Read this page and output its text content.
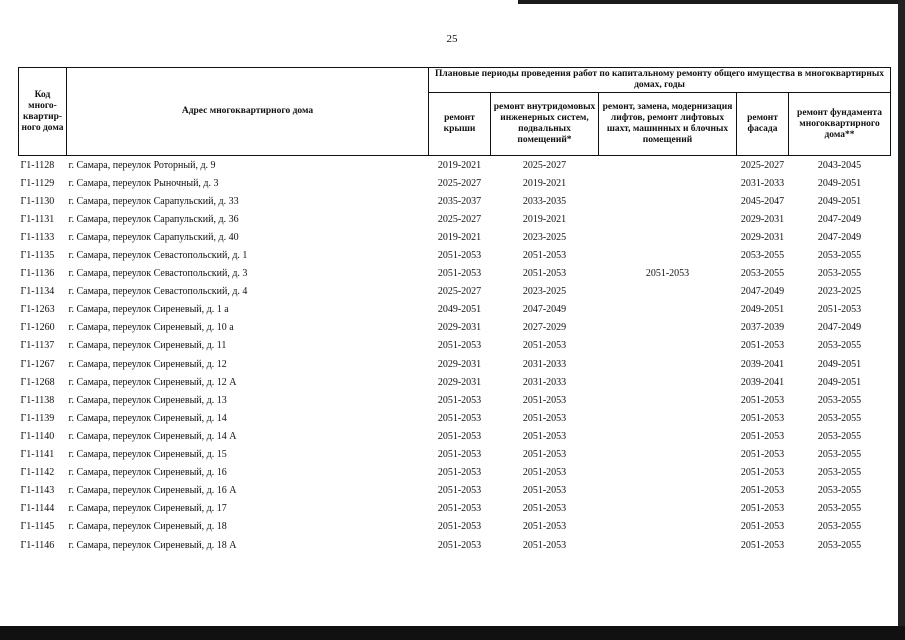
25
Код много-квартир-ного дома	Адрес многоквартирного дома	Плановые периоды проведения работ по капитальному ремонту общего имущества в многоквартирных домах, годы				
		ремонт крыши	ремонт внутридомовых инженерных систем, подвальных помещений*	ремонт, замена, модернизация лифтов, ремонт лифтовых шахт, машинных и блочных помещений	ремонт фасада	ремонт фундамента многоквартирного дома**
Г1-1128	г. Самара, переулок Роторный, д. 9	2019-2021	2025-2027		2025-2027	2043-2045
Г1-1129	г. Самара, переулок Рыночный, д. 3	2025-2027	2019-2021		2031-2033	2049-2051
Г1-1130	г. Самара, переулок Сарапульский, д. 33	2035-2037	2033-2035		2045-2047	2049-2051
Г1-1131	г. Самара, переулок Сарапульский, д. 36	2025-2027	2019-2021		2029-2031	2047-2049
Г1-1133	г. Самара, переулок Сарапульский, д. 40	2019-2021	2023-2025		2029-2031	2047-2049
Г1-1135	г. Самара, переулок Севастопольский, д. 1	2051-2053	2051-2053		2053-2055	2053-2055
Г1-1136	г. Самара, переулок Севастопольский, д. 3	2051-2053	2051-2053	2051-2053	2053-2055	2053-2055
Г1-1134	г. Самара, переулок Севастопольский, д. 4	2025-2027	2023-2025		2047-2049	2023-2025
Г1-1263	г. Самара, переулок Сиреневый, д. 1 а	2049-2051	2047-2049		2049-2051	2051-2053
Г1-1260	г. Самара, переулок Сиреневый, д. 10 а	2029-2031	2027-2029		2037-2039	2047-2049
Г1-1137	г. Самара, переулок Сиреневый, д. 11	2051-2053	2051-2053		2051-2053	2053-2055
Г1-1267	г. Самара, переулок Сиреневый, д. 12	2029-2031	2031-2033		2039-2041	2049-2051
Г1-1268	г. Самара, переулок Сиреневый, д. 12 А	2029-2031	2031-2033		2039-2041	2049-2051
Г1-1138	г. Самара, переулок Сиреневый, д. 13	2051-2053	2051-2053		2051-2053	2053-2055
Г1-1139	г. Самара, переулок Сиреневый, д. 14	2051-2053	2051-2053		2051-2053	2053-2055
Г1-1140	г. Самара, переулок Сиреневый, д. 14 А	2051-2053	2051-2053		2051-2053	2053-2055
Г1-1141	г. Самара, переулок Сиреневый, д. 15	2051-2053	2051-2053		2051-2053	2053-2055
Г1-1142	г. Самара, переулок Сиреневый, д. 16	2051-2053	2051-2053		2051-2053	2053-2055
Г1-1143	г. Самара, переулок Сиреневый, д. 16 А	2051-2053	2051-2053		2051-2053	2053-2055
Г1-1144	г. Самара, переулок Сиреневый, д. 17	2051-2053	2051-2053		2051-2053	2053-2055
Г1-1145	г. Самара, переулок Сиреневый, д. 18	2051-2053	2051-2053		2051-2053	2053-2055
Г1-1146	г. Самара, переулок Сиреневый, д. 18 А	2051-2053	2051-2053		2051-2053	2053-2055
